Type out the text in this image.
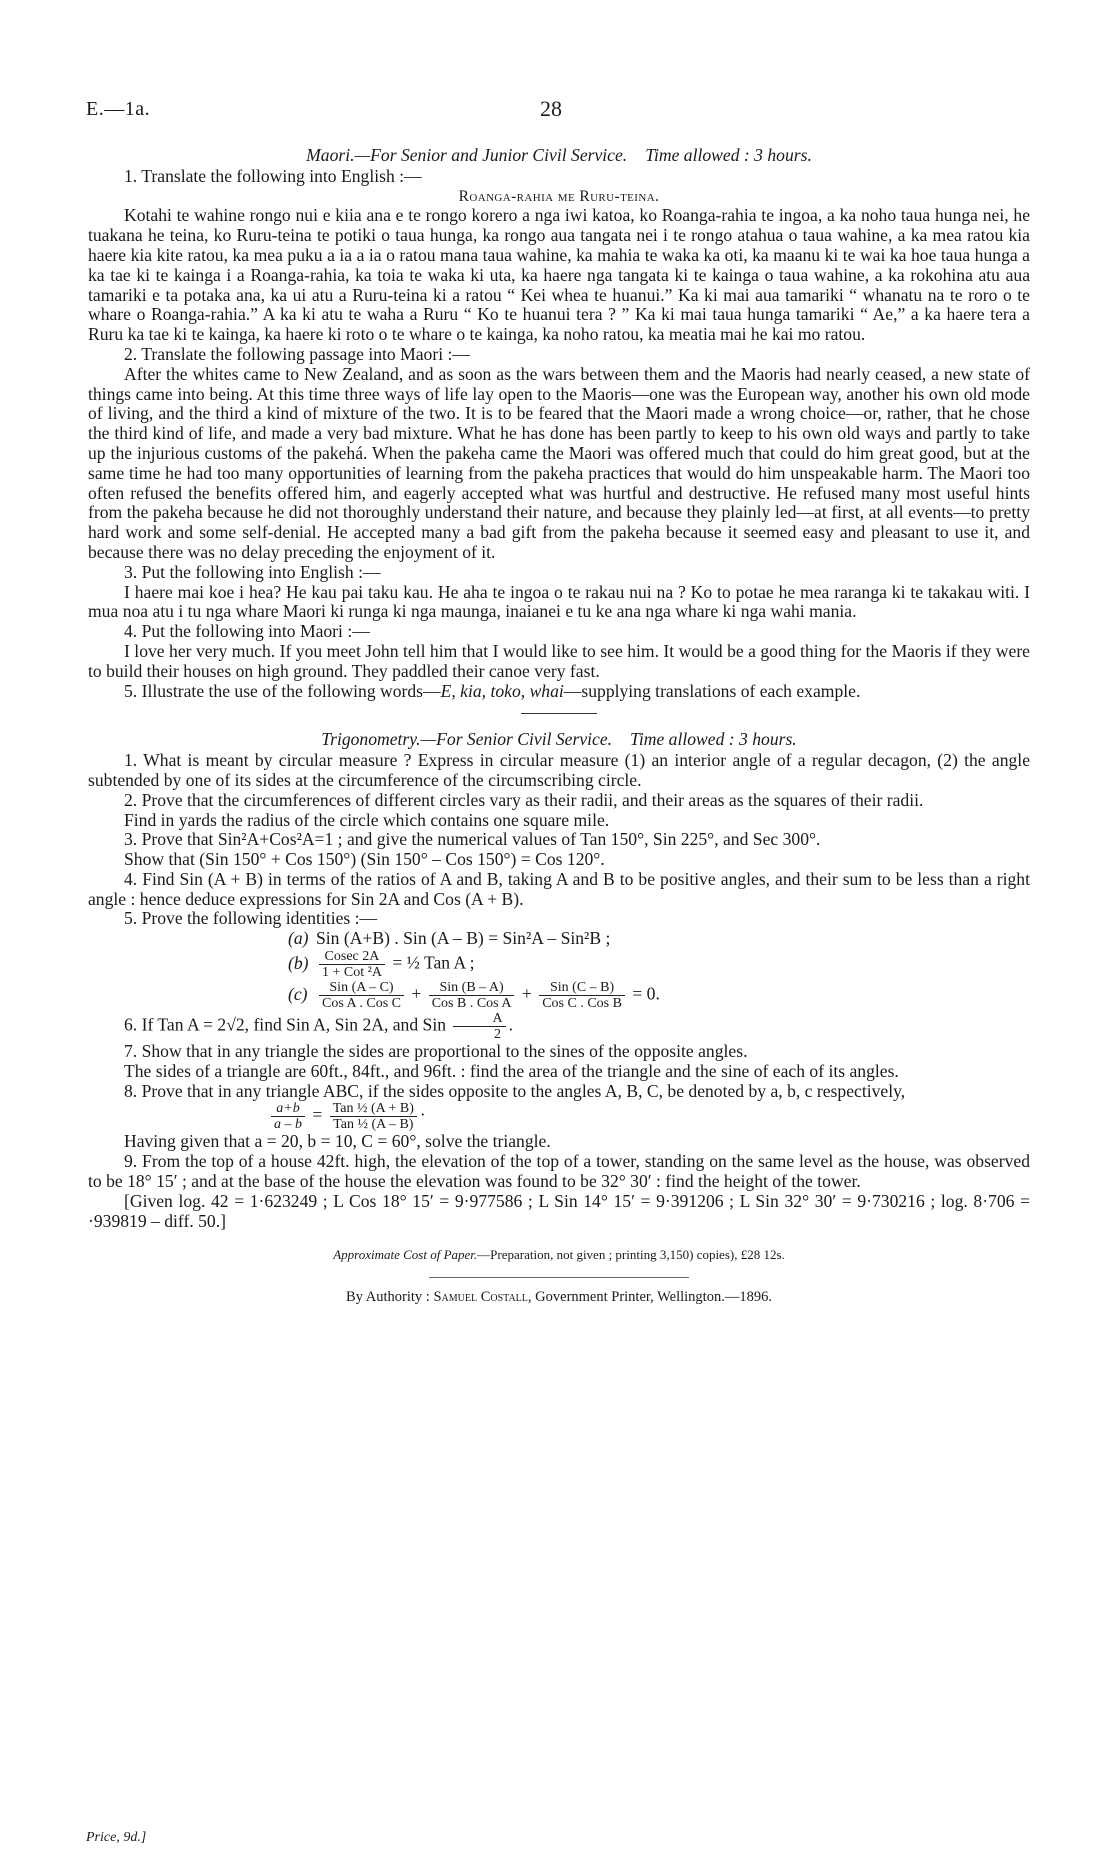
E.—1a.	28
Maori.—For Senior and Junior Civil Service. Time allowed : 3 hours.

1. Translate the following into English :—

Roanga-rahia me Ruru-teina.

Kotahi te wahine rongo nui e kiia ana e te rongo korero a nga iwi katoa, ko Roanga-rahia te ingoa, a ka noho taua hunga nei, he tuakana he teina, ko Ruru-teina te potiki o taua hunga, ka rongo aua tangata nei i te rongo atahua o taua wahine, a ka mea ratou kia haere kia kite ratou, ka mea puku a ia a ia o ratou mana taua wahine, ka mahia te waka ka oti, ka maanu ki te wai ka hoe taua hunga a ka tae ki te kainga i a Roanga-rahia, ka toia te waka ki uta, ka haere nga tangata ki te kainga o taua wahine, a ka rokohina atu aua tamariki e ta potaka ana, ka ui atu a Ruru-teina ki a ratou “ Kei whea te huanui.” Ka ki mai aua tamariki “ whanatu na te roro o te whare o Roanga-rahia.” A ka ki atu te waha a Ruru “ Ko te huanui tera ? ” Ka ki mai taua hunga tamariki “ Ae,” a ka haere tera a Ruru ka tae ki te kainga, ka haere ki roto o te whare o te kainga, ka noho ratou, ka meatia mai he kai mo ratou.

2. Translate the following passage into Maori :—

After the whites came to New Zealand, and as soon as the wars between them and the Maoris had nearly ceased, a new state of things came into being. At this time three ways of life lay open to the Maoris—one was the European way, another his own old mode of living, and the third a kind of mixture of the two. It is to be feared that the Maori made a wrong choice—or, rather, that he chose the third kind of life, and made a very bad mixture. What he has done has been partly to keep to his own old ways and partly to take up the injurious customs of the pakehá. When the pakeha came the Maori was offered much that could do him great good, but at the same time he had too many opportunities of learning from the pakeha practices that would do him unspeakable harm. The Maori too often refused the benefits offered him, and eagerly accepted what was hurtful and destructive. He refused many most useful hints from the pakeha because he did not thoroughly understand their nature, and because they plainly led—at first, at all events—to pretty hard work and some self-denial. He accepted many a bad gift from the pakeha because it seemed easy and pleasant to use it, and because there was no delay preceding the enjoyment of it.

3. Put the following into English :—

I haere mai koe i hea? He kau pai taku kau. He aha te ingoa o te rakau nui na ? Ko to potae he mea raranga ki te takakau witi. I mua noa atu i tu nga whare Maori ki runga ki nga maunga, inaianei e tu ke ana nga whare ki nga wahi mania.

4. Put the following into Maori :—

I love her very much. If you meet John tell him that I would like to see him. It would be a good thing for the Maoris if they were to build their houses on high ground. They paddled their canoe very fast.

5. Illustrate the use of the following words—E, kia, toko, whai—supplying translations of each example.

Trigonometry.—For Senior Civil Service. Time allowed : 3 hours.

1. What is meant by circular measure ? Express in circular measure (1) an interior angle of a regular decagon, (2) the angle subtended by one of its sides at the circumference of the circumscribing circle.

2. Prove that the circumferences of different circles vary as their radii, and their areas as the squares of their radii.

Find in yards the radius of the circle which contains one square mile.

3. Prove that Sin²A+Cos²A=1 ; and give the numerical values of Tan 150°, Sin 225°, and Sec 300°.

Show that (Sin 150° + Cos 150°) (Sin 150° – Cos 150°) = Cos 120°.

4. Find Sin (A + B) in terms of the ratios of A and B, taking A and B to be positive angles, and their sum to be less than a right angle : hence deduce expressions for Sin 2A and Cos (A + B).

5. Prove the following identities :—

(a) Sin (A+B) . Sin (A – B) = Sin²A – Sin²B ;
$(b) \frac{Cosec 2A}{\text{1 + Cot ²A}}$ = ½ Tan A ;
$(c) \frac{\text{Sin (A – C)}}{\text{Cos A . Cos C}} + \frac{\text{Sin (B – A)}}{\text{Cos B . Cos A}} + \frac{\text{Sin (C – B)}}{\text{Cos C . Cos B}} = 0$.

6. If Tan A = 2√2, find Sin A, Sin 2A, and Sin $\frac{A}{2}$ .

7. Show that in any triangle the sides are proportional to the sines of the opposite angles.

The sides of a triangle are 60ft., 84ft., and 96ft. : find the area of the triangle and the sine of each of its angles.

8. Prove that in any triangle ABC, if the sides opposite to the angles A, B, C, be denoted by a, b, c respectively,

$\frac{a+b}{a - b} = \frac{\text{Tan ½ (A + B)}}{\text{Tan ½ (A – B)}}$ ·

Having given that a = 20, b = 10, C = 60°, solve the triangle.

9. From the top of a house 42ft. high, the elevation of the top of a tower, standing on the same level as the house, was observed to be 18° 15′ ; and at the base of the house the elevation was found to be 32° 30′ : find the height of the tower.

[Given log. 42 = 1·623249 ; L Cos 18° 15′ = 9·977586 ; L Sin 14° 15′ = 9·391206 ; L Sin 32° 30′ = 9·730216 ; log. 8·706 = ·939819 – diff. 50.]

Approximate Cost of Paper.—Preparation, not given ; printing 3,150) copies), £28 12s.
By Authority : Samuel Costall, Government Printer, Wellington.—1896.
Price, 9d.]
